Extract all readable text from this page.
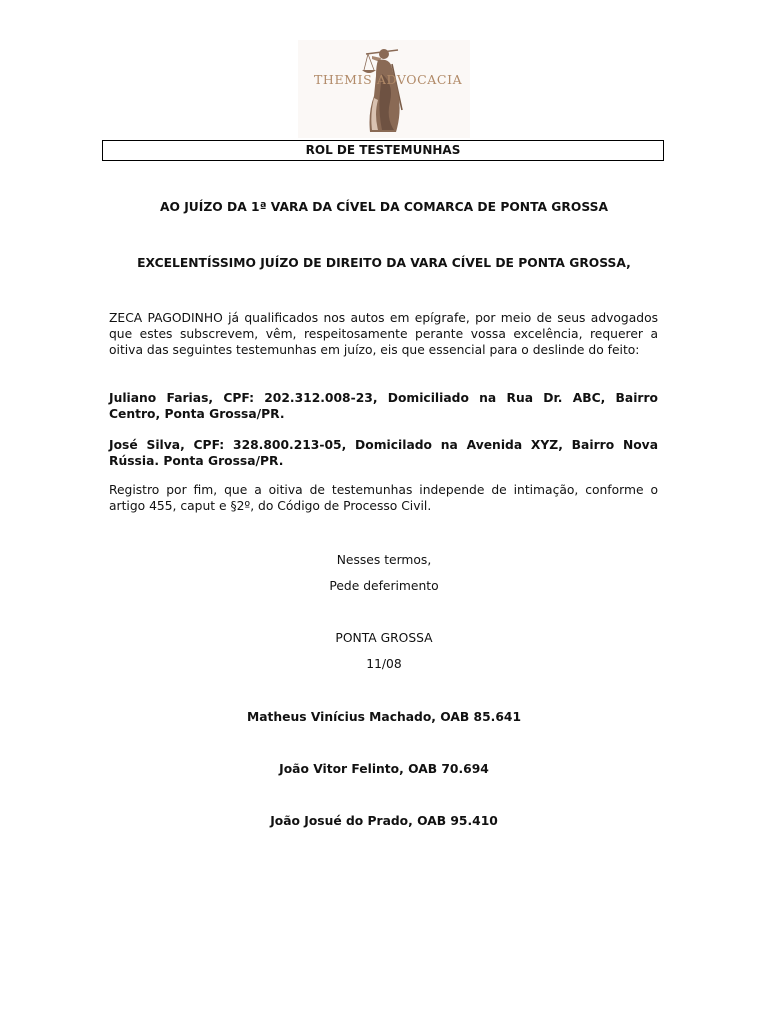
THEMIS ADVOCACIA
ROL DE TESTEMUNHAS
AO JUÍZO DA 1ª VARA DA CÍVEL DA COMARCA DE PONTA GROSSA
EXCELENTÍSSIMO JUÍZO DE DIREITO DA VARA CÍVEL DE PONTA GROSSA,

ZECA PAGODINHO já qualificados nos autos em epígrafe, por meio de seus advogados que estes subscrevem, vêm, respeitosamente perante vossa excelência, requerer a oitiva das seguintes testemunhas em juízo, eis que essencial para o deslinde do feito:

Juliano Farias, CPF: 202.312.008-23, Domiciliado na Rua Dr. ABC, Bairro Centro, Ponta Grossa/PR.

José Silva, CPF: 328.800.213-05, Domicilado na Avenida XYZ, Bairro Nova Rússia. Ponta Grossa/PR.

Registro por fim, que a oitiva de testemunhas independe de intimação, conforme o artigo 455, caput e §2º, do Código de Processo Civil.

Nesses termos,
Pede deferimento
PONTA GROSSA
11/08
Matheus Vinícius Machado, OAB 85.641
João Vitor Felinto, OAB 70.694
João Josué do Prado, OAB 95.410
